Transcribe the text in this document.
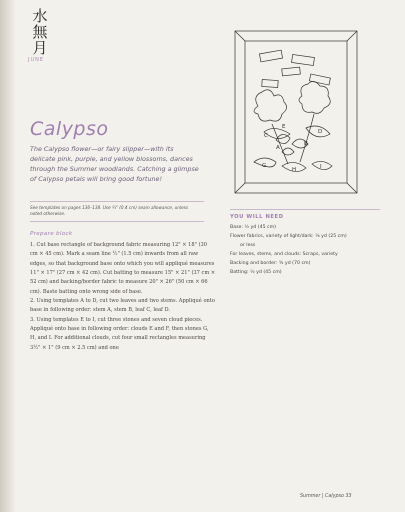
水
無
月
JUNE
C
D
E
A
B
G
H	I
Calypso
The Calypso flower—or fairy slipper—with its delicate pink, purple, and yellow blossoms, dances through the Summer woodlands. Catching a glimpse of Calypso petals will bring good fortune!
See templates on pages 136–138. Use ¼" (0.4 cm) seam allowance, unless noted otherwise.
Prepare block

1. Cut base rectangle of background fabric measuring 12" × 18" (30 cm × 45 cm). Mark a seam line ½" (1.5 cm) inwards from all raw edges, so that background base onto which you will appliqué measures 11" × 17" (27 cm × 42 cm). Cut batting to measure 15" × 21" (37 cm × 52 cm) and backing/border fabric to measure 20" × 26" (50 cm × 66 cm). Baste batting onto wrong side of base.

2. Using templates A to D, cut two leaves and two stems. Appliqué onto base in following order: stem A, stem B, leaf C, leaf D.

3. Using templates E to I, cut three stones and seven cloud pieces. Appliqué onto base in following order: clouds E and F, then stones G, H, and I. For additional clouds, cut four small rectangles measuring 3½" × 1" (9 cm × 2.5 cm) and one

YOU WILL NEED
Base: ½ yd (45 cm)
Flower fabrics, variety of light/dark: ⅛ yd (25 cm)
or less
For leaves, stems, and clouds: Scraps, variety
Backing and border: ¾ yd (70 cm)
Batting: ½ yd (45 cm)
Summer | Calypso 33
